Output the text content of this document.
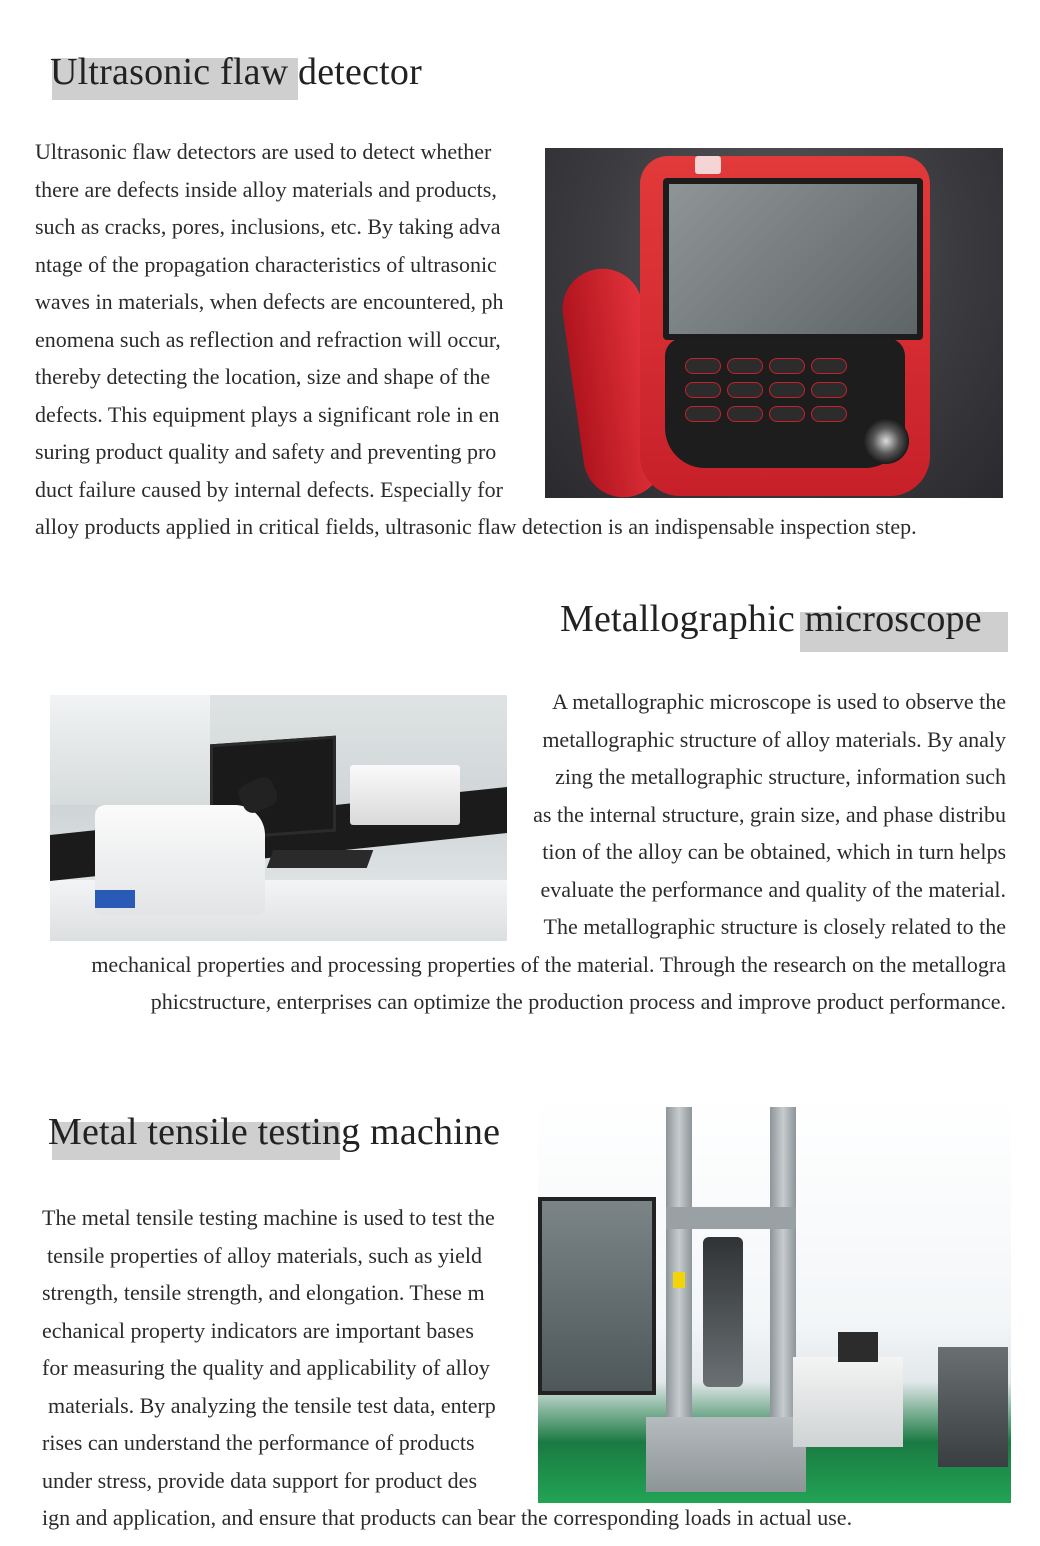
Ultrasonic flaw detector
Ultrasonic flaw detectors are used to detect whether
there are defects inside alloy materials and products,
such as cracks, pores, inclusions, etc. By taking adva
ntage of the propagation characteristics of ultrasonic
waves in materials, when defects are encountered, ph
enomena such as reflection and refraction will occur,
thereby detecting the location, size and shape of the
defects. This equipment plays a significant role in en
suring product quality and safety and preventing pro
duct failure caused by internal defects. Especially for
alloy products applied in critical fields, ultrasonic flaw detection is an indispensable inspection step.
Metallographic microscope
A metallographic microscope is used to observe the
metallographic structure of alloy materials. By analy
zing the metallographic structure, information such
as the internal structure, grain size, and phase distribu
tion of the alloy can be obtained, which in turn helps
evaluate the performance and quality of the material.
The metallographic structure is closely related to the
mechanical properties and processing properties of the material. Through the research on the metallogra
phicstructure, enterprises can optimize the production process and improve product performance.
Metal tensile testing machine
The metal tensile testing machine is used to test the
tensile properties of alloy materials, such as yield
strength, tensile strength, and elongation. These m
echanical property indicators are important bases
for measuring the quality and applicability of alloy
materials. By analyzing the tensile test data, enterp
rises can understand the performance of products
under stress, provide data support for product des
ign and application, and ensure that products can bear the corresponding loads in actual use.
